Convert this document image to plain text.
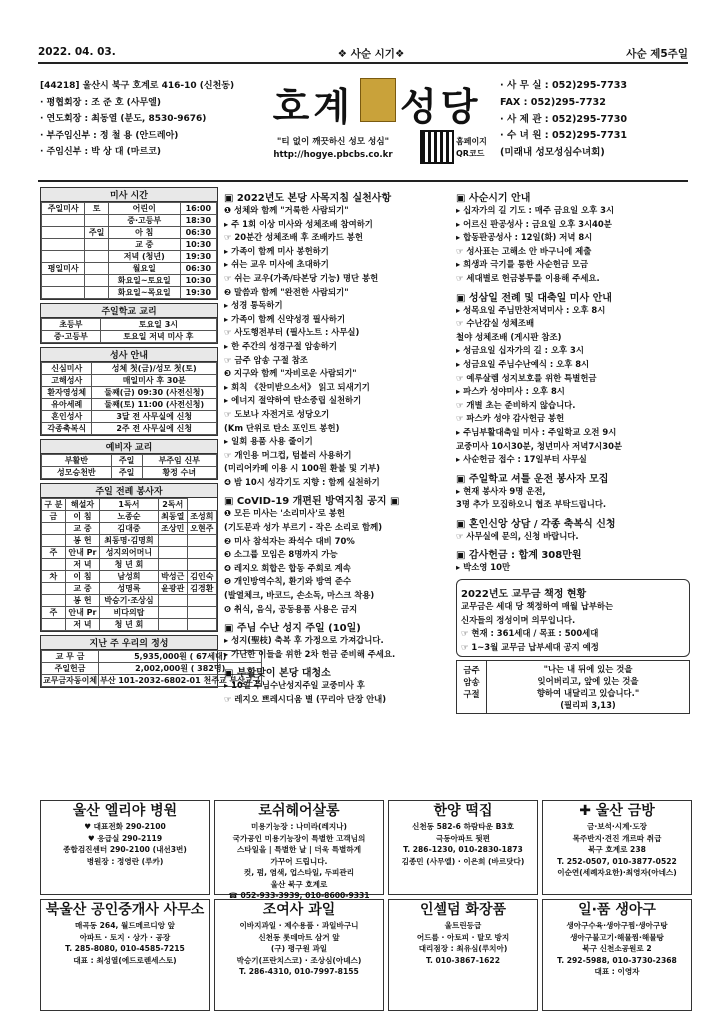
2022. 04. 03.	❖ 사순 시기❖	사순 제5주일
[44218] 울산시 북구 호계로 416-10 (신천동)
· 평협회장 : 조 준 호 (사무엘)
· 연도회장 : 최동열 (분도, 8530-9676)
· 부주임신부 : 정 철 용 (안드레아)
· 주임신부 : 박 상 대 (마르코)
호계 성당
"티 없이 깨끗하신 성모 성심"
http://hogye.pbcbs.co.kr
홈페이지
QR코드
· 사 무 실 : 052)295-7733
FAX : 052)295-7732
· 사 제 관 : 052)295-7730
· 수 녀 원 : 052)295-7731
(미래내 성모성심수녀회)
미사 시간
주일미사	토	어린이	16:00
		중·고등부	18:30
	주일	아 침	06:30
		교 중	10:30
		저녁 (청년)	19:30
평일미사		월요일	06:30
		화요일~토요일	10:30
		화요일~목요일	19:30
주일학교 교리
초등부	토요일 3시
중·고등부	토요일 저녁 미사 후
성사 안내
신심미사	성체 첫(금)/성모 첫(토)
고해성사	매일미사 후 30분
환자영성체	둘째(금) 09:30 (사전신청)
유아세례	둘째(토) 11:00 (사전신청)
혼인성사	3달 전 사무실에 신청
각종축복식	2주 전 사무실에 신청
예비자 교리
부활반	주일	부주임 신부
성모승천반	주일	황정 수녀
주일 전례 봉사자
구 분	해설자	1독서	2독서	
금	이 침	노종순	최동열	조성희
	교 중	김대중	조상민	오현주
	봉 헌	최동명·김명희		
주	안내 Pr	성지의어머니		
	저 녁	청 년 회		
차	이 침	남성희	박성근	김인숙
	교 중	성명록	윤광관	김경환
	봉 헌	박승기·조상심		
주	안내 Pr	비다의탑		
	저 녁	청 년 회		
지난 주 우리의 정성
교 무 금	5,935,000원 ( 67세대)
주일헌금	2,002,000원 ( 382명)
교무금자동이체	부산 101-2032-6802-01 천주교 부산교구
▣ 2022년도 본당 사목지침 실천사항
❶ 성체와 함께 "거룩한 사람되기"
▸ 주 1회 이상 미사와 성체조배 참여하기
☞ 20분간 성체조배 후 조배카드 봉헌
▸ 가족이 함께 미사 봉헌하기
▸ 쉬는 교우 미사에 초대하기
☞ 쉬는 교우(가족/타본당 기능) 명단 봉헌
❷ 말씀과 함께 "완전한 사람되기"
▸ 성경 통독하기
▸ 가족이 함께 신약성경 필사하기
☞ 사도행전부터 (필사노트 : 사무실)
▸ 한 주간의 성경구절 암송하기
☞ 금주 암송 구절 참조
❸ 지구와 함께 "자비로운 사람되기"
▸ 회칙 《찬미받으소서》 읽고 되새기기
▸ 에너지 절약하여 탄소중립 실천하기
☞ 도보나 자전거로 성당오기
(Km 단위로 탄소 포인트 봉헌)
▸ 일회 용품 사용 줄이기
☞ 개인용 머그컵, 텀블러 사용하기
(미리어카페 이용 시 100원 환불 및 기부)
❹ 밤 10시 성각기도 지향 : 함께 실천하기
▣ CoVID-19 개편된 방역지침 공지 ▣
❶ 모든 미사는 '소리미사'로 봉헌
(기도문과 성가 부르기 - 작은 소리로 함께)
❷ 미사 참석자는 좌석수 대비 70%
❸ 소그룹 모임은 8명까지 가능
❹ 레지오 회합은 합동 주회로 계속
❺ 개인방역수칙, 환기와 방역 준수
(발열체크, 바코드, 손소독, 마스크 착용)
❻ 취식, 음식, 공동용품 사용은 금지
▣ 주님 수난 성지 주일 (10일)
▸ 성지(聖枝) 축복 후 가정으로 가져갑니다.
▸ 가난한 이들을 위한 2차 헌금 준비해 주세요.
▣ 부활맞이 본당 대청소
▸ 10일 주님수난성지주일 교중미사 후
☞ 레지오 쁘레시디움 별 (꾸리아 단장 안내)
▣ 사순시기 안내
▸ 십자가의 길 기도 : 매주 금요일 오후 3시
▸ 어르신 판공성사 : 금요일 오후 3시40분
▸ 합동판공성사 : 12일(화) 저녁 8시
☞ 성사표는 고해소 안 바구니에 제출
▸ 희생과 극기를 통한 사순헌금 모금
☞ 세대별로 헌금봉투를 이용해 주세요.
▣ 성삼일 전례 및 대축일 미사 안내
▸ 성목요일 주님만찬저녁미사 : 오후 8시
☞ 수난감실 성체조배
철야 성체조배 (게시판 참조)
▸ 성금요일 십자가의 길 : 오후 3시
▸ 성금요일 주님수난예식 : 오후 8시
☞ 예루살렘 성지보호를 위한 특별헌금
▸ 파스카 성야미사 : 오후 8시
☞ 개별 초는 준비하지 않습니다.
☞ 파스카 성야 감사헌금 봉헌
▸ 주님부활대축일 미사 : 주일학교 오전 9시
교중미사 10시30분, 청년미사 저녁7시30분
▸ 사순헌금 접수 : 17일부터 사무실
▣ 주일학교 셔틀 운전 봉사자 모집
▸ 현재 봉사자 9명 운전,
3명 추가 모집하오니 협조 부탁드립니다.
▣ 혼인신앙 상담 / 각종 축복식 신청
☞ 사무실에 문의, 신청 바랍니다.
▣ 감사헌금 : 합계 308만원
▸ 박소영 10만
2022년도 교무금 책정 현황
교무금은 세대 당 책정하여 매월 납부하는
신자들의 정성이며 의무입니다.
☞ 현재 : 361세대 / 목표 : 500세대
☞ 1~3월 교무금 납부세대 공지 예정
금주 암송 구절
"나는 내 뒤에 있는 것을
잊어버리고, 앞에 있는 것을
향하여 내달리고 있습니다."
(필리피 3,13)
울산 엘리야 병원
♥ 대표전화 290-2100
♥ 응급실 290-2119
종합검진센터 290-2100 (내선3번)
병원장 : 정영란 (루카)
로쉬헤어살롱
미용기능장 : 나미라(레지나)
국가공인 미용기능장이 특별한 고객님의
스타일을 | 특별한 날 | 더욱 특별하게
가꾸어 드립니다.
컷, 펌, 염색, 업스타일, 두피관리
울산 북구 호계로
☎ 052-933-3939, 010-8600-9331
한양 떡집
신천동 582-6 하람타운 B3호
극동아파트 뒷편
T. 286-1230, 010-2830-1873
김종민 (사무엘) · 이은희 (바르닷다)
✚ 울산 금방
금·보석·시계·도장
목주반지·견진 개르따 취급
북구 호계로 238
T. 252-0507, 010-3877-0522
이순연(세례자요한)·최영자(아네스)
북울산 공인중개사 사무소
매곡동 264, 월드메르디앙 앞
아파트 · 토지 · 상가 · 공장
T. 285-8080, 010-4585-7215
대표 : 최성열(에드로렌세스토)
조여사 과일
이바지과일 · 제수용품 · 과일바구니
신천동 롯데마트 삼거 앞
(구) 평구원 과일
박승기(프란치스코) · 조상심(아녜스)
T. 286-4310, 010-7997-8155
인셀덤 화장품
울트린등급
어드름 · 아토피 · 탈모 방지
대리점장 : 최유심(루치아)
T. 010-3867-1622
일·품 생아구
생아구수육·생아구찜·생아구탕
생아구불고기·해물찜·해물탕
북구 신천소공원로 2
T. 292-5988, 010-3730-2368
대표 : 이영자
